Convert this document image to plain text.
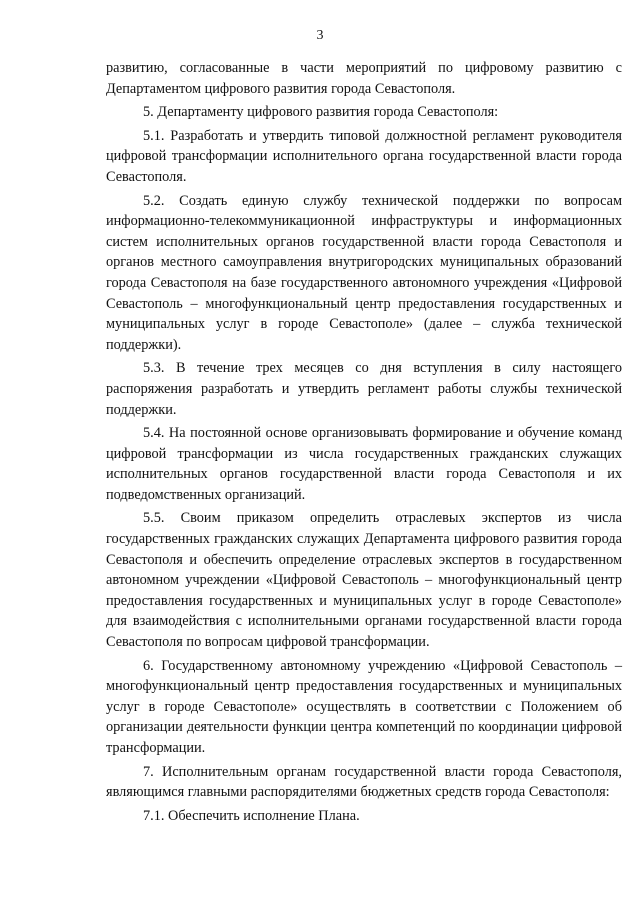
3

развитию, согласованные в части мероприятий по цифровому развитию с Департаментом цифрового развития города Севастополя.

5. Департаменту цифрового развития города Севастополя:

5.1. Разработать и утвердить типовой должностной регламент руководителя цифровой трансформации исполнительного органа государственной власти города Севастополя.

5.2. Создать единую службу технической поддержки по вопросам информационно-телекоммуникационной инфраструктуры и информационных систем исполнительных органов государственной власти города Севастополя и органов местного самоуправления внутригородских муниципальных образований города Севастополя на базе государственного автономного учреждения «Цифровой Севастополь – многофункциональный центр предоставления государственных и муниципальных услуг в городе Севастополе» (далее – служба технической поддержки).

5.3. В течение трех месяцев со дня вступления в силу настоящего распоряжения разработать и утвердить регламент работы службы технической поддержки.

5.4. На постоянной основе организовывать формирование и обучение команд цифровой трансформации из числа государственных гражданских служащих исполнительных органов государственной власти города Севастополя и их подведомственных организаций.

5.5. Своим приказом определить отраслевых экспертов из числа государственных гражданских служащих Департамента цифрового развития города Севастополя и обеспечить определение отраслевых экспертов в государственном автономном учреждении «Цифровой Севастополь – многофункциональный центр предоставления государственных и муниципальных услуг в городе Севастополе» для взаимодействия с исполнительными органами государственной власти города Севастополя по вопросам цифровой трансформации.

6. Государственному автономному учреждению «Цифровой Севастополь – многофункциональный центр предоставления государственных и муниципальных услуг в городе Севастополе» осуществлять в соответствии с Положением об организации деятельности функции центра компетенций по координации цифровой трансформации.

7. Исполнительным органам государственной власти города Севастополя, являющимся главными распорядителями бюджетных средств города Севастополя:

7.1. Обеспечить исполнение Плана.
